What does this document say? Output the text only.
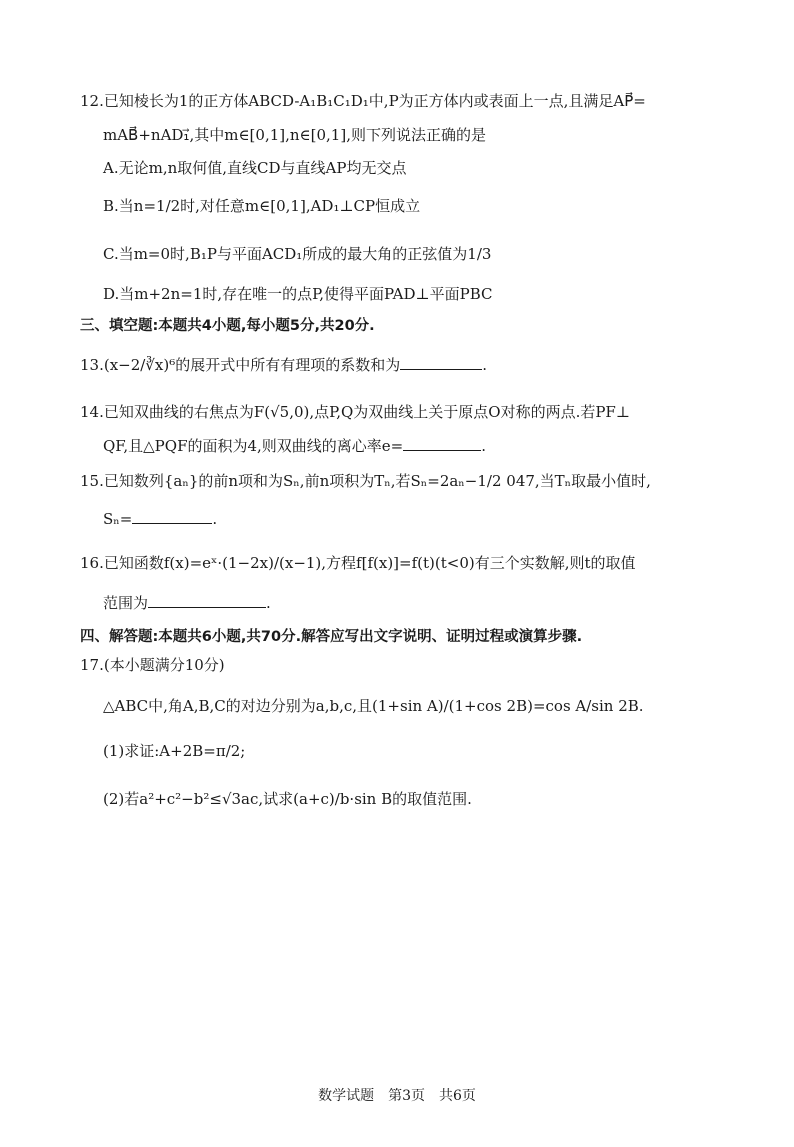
12.已知棱长为1的正方体ABCD-A₁B₁C₁D₁中,P为正方体内或表面上一点,且满足AP⃗=
mAB⃗+nAD₁⃗,其中m∈[0,1],n∈[0,1],则下列说法正确的是
A.无论m,n取何值,直线CD与直线AP均无交点
B.当n=1/2时,对任意m∈[0,1],AD₁⊥CP恒成立
C.当m=0时,B₁P与平面ACD₁所成的最大角的正弦值为1/3
D.当m+2n=1时,存在唯一的点P,使得平面PAD⊥平面PBC
三、填空题:本题共4小题,每小题5分,共20分.
13.(x−2/∛x)⁶的展开式中所有有理项的系数和为	.
14.已知双曲线的右焦点为F(√5,0),点P,Q为双曲线上关于原点O对称的两点.若PF⊥
QF,且△PQF的面积为4,则双曲线的离心率e=	.
15.已知数列{aₙ}的前n项和为Sₙ,前n项积为Tₙ,若Sₙ=2aₙ−1/2 047,当Tₙ取最小值时,
Sₙ=	.
16.已知函数f(x)=eˣ·(1−2x)/(x−1),方程f[f(x)]=f(t)(t<0)有三个实数解,则t的取值
范围为	.
四、解答题:本题共6小题,共70分.解答应写出文字说明、证明过程或演算步骤.
17.(本小题满分10分)
△ABC中,角A,B,C的对边分别为a,b,c,且(1+sin A)/(1+cos 2B)=cos A/sin 2B.
(1)求证:A+2B=π/2;
(2)若a²+c²−b²≤√3ac,试求(a+c)/b·sin B的取值范围.
数学试题　第3页　共6页
